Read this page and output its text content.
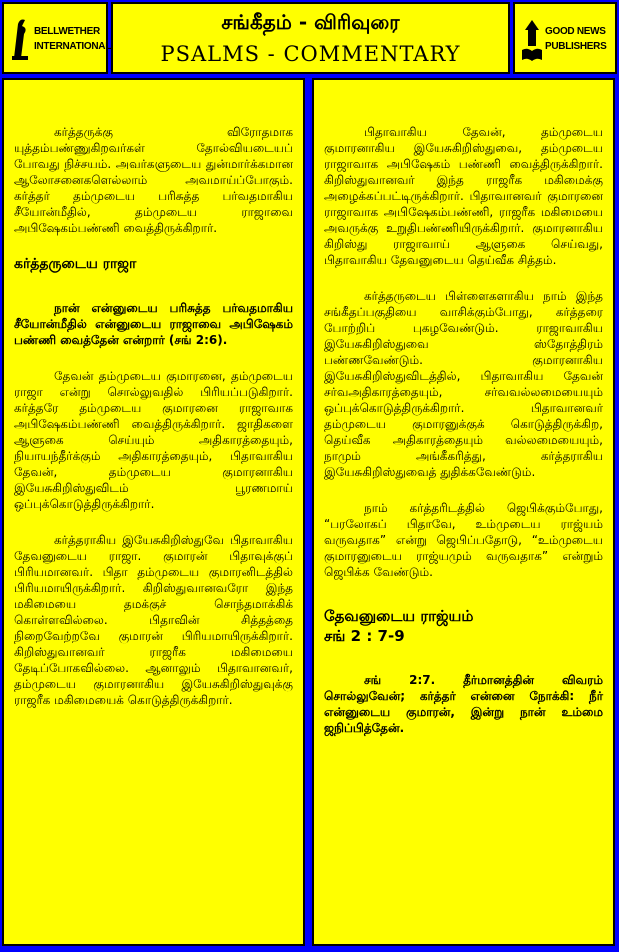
BELLWETHER
INTERNATIONAL
சங்கீதம் - விரிவுரை
PSALMS - COMMENTARY
GOOD NEWS
PUBLISHERS

கர்த்தருக்கு விரோதமாக யுத்தம்பண்ணுகிறவர்கள் தோல்வியடையப் போவது நிச்சயம். அவர்களுடைய துன்மார்க்கமான ஆலோசனைகளெல்லாம் அவமாய்ப்போகும். கர்த்தர் தம்முடைய பரிசுத்த பர்வதமாகிய சீயோன்மீதில், தம்முடைய ராஜாவை அபிஷேகம்பண்ணி வைத்திருக்கிறார்.

கர்த்தருடைய ராஜா

நான் என்னுடைய பரிசுத்த பர்வதமாகிய சீயோன்மீதில் என்னுடைய ராஜாவை அபிஷேகம் பண்ணி வைத்தேன் என்றார் (சங் 2:6).

தேவன் தம்முடைய குமாரனை, தம்முடைய ராஜா என்று சொல்லுவதில் பிரியப்படுகிறார். கர்த்தரே தம்முடைய குமாரனை ராஜாவாக அபிஷேகம்பண்ணி வைத்திருக்கிறார். ஜாதிகளை ஆளுகை செய்யும் அதிகாரத்தையும், நியாயந்தீர்க்கும் அதிகாரத்தையும், பிதாவாகிய தேவன், தம்முடைய குமாரனாகிய இயேசுகிறிஸ்துவிடம் பூரணமாய் ஒப்புக்கொடுத்திருக்கிறார்.

கர்த்தராகிய இயேசுகிறிஸ்துவே பிதாவாகிய தேவனுடைய ராஜா. குமாரன் பிதாவுக்குப் பிரியமானவர். பிதா தம்முடைய குமாரனிடத்தில் பிரியமாயிருக்கிறார். கிறிஸ்துவானவரோ இந்த மகிமையை தமக்குச் சொந்தமாக்கிக் கொள்ளவில்லை. பிதாவின் சித்தத்தை நிறைவேற்றவே குமாரன் பிரியமாயிருக்கிறார். கிறிஸ்துவானவர் ராஜரீக மகிமையை தேடிப்போகவில்லை. ஆனாலும் பிதாவானவர், தம்முடைய குமாரனாகிய இயேசுகிறிஸ்துவுக்கு ராஜரீக மகிமையைக் கொடுத்திருக்கிறார்.

பிதாவாகிய தேவன், தம்முடைய குமாரனாகிய இயேசுகிறிஸ்துவை, தம்முடைய ராஜாவாக அபிஷேகம் பண்ணி வைத்திருக்கிறார். கிறிஸ்துவானவர் இந்த ராஜரீக மகிமைக்கு அழைக்கப்பட்டிருக்கிறார். பிதாவானவர் குமாரனை ராஜாவாக அபிஷேகம்பண்ணி, ராஜரீக மகிமையை அவருக்கு உறுதிபண்ணியிருக்கிறார். குமாரனாகிய கிறிஸ்து ராஜாவாய் ஆளுகை செய்வது, பிதாவாகிய தேவனுடைய தெய்வீக சித்தம்.

கர்த்தருடைய பிள்ளைகளாகிய நாம் இந்த சங்கீதப்பகுதியை வாசிக்கும்போது, கர்த்தரை போற்றிப் புகழவேண்டும். ராஜாவாகிய இயேசுகிறிஸ்துவை ஸ்தோத்திரம் பண்ணவேண்டும். குமாரனாகிய இயேசுகிறிஸ்துவிடத்தில், பிதாவாகிய தேவன் சர்வஅதிகாரத்தையும், சர்வவல்லமையையும் ஒப்புக்கொடுத்திருக்கிறார். பிதாவானவர் தம்முடைய குமாரனுக்குக் கொடுத்திருக்கிற, தெய்வீக அதிகாரத்தையும் வல்லமையையும், நாமும் அங்கீகரித்து, கர்த்தராகிய இயேசுகிறிஸ்துவைத் துதிக்கவேண்டும்.

நாம் கர்த்தரிடத்தில் ஜெபிக்கும்போது, “பரலோகப் பிதாவே, உம்முடைய ராஜ்யம் வருவதாக” என்று ஜெபிப்பதோடு, “உம்முடைய குமாரனுடைய ராஜ்யமும் வருவதாக” என்றும் ஜெபிக்க வேண்டும்.

தேவனுடைய ராஜ்யம்
சங் 2 : 7-9

சங் 2:7. தீர்மானத்தின் விவரம் சொல்லுவேன்; கர்த்தர் என்னை நோக்கி: நீர் என்னுடைய குமாரன், இன்று நான் உம்மை ஜநிப்பித்தேன்.
